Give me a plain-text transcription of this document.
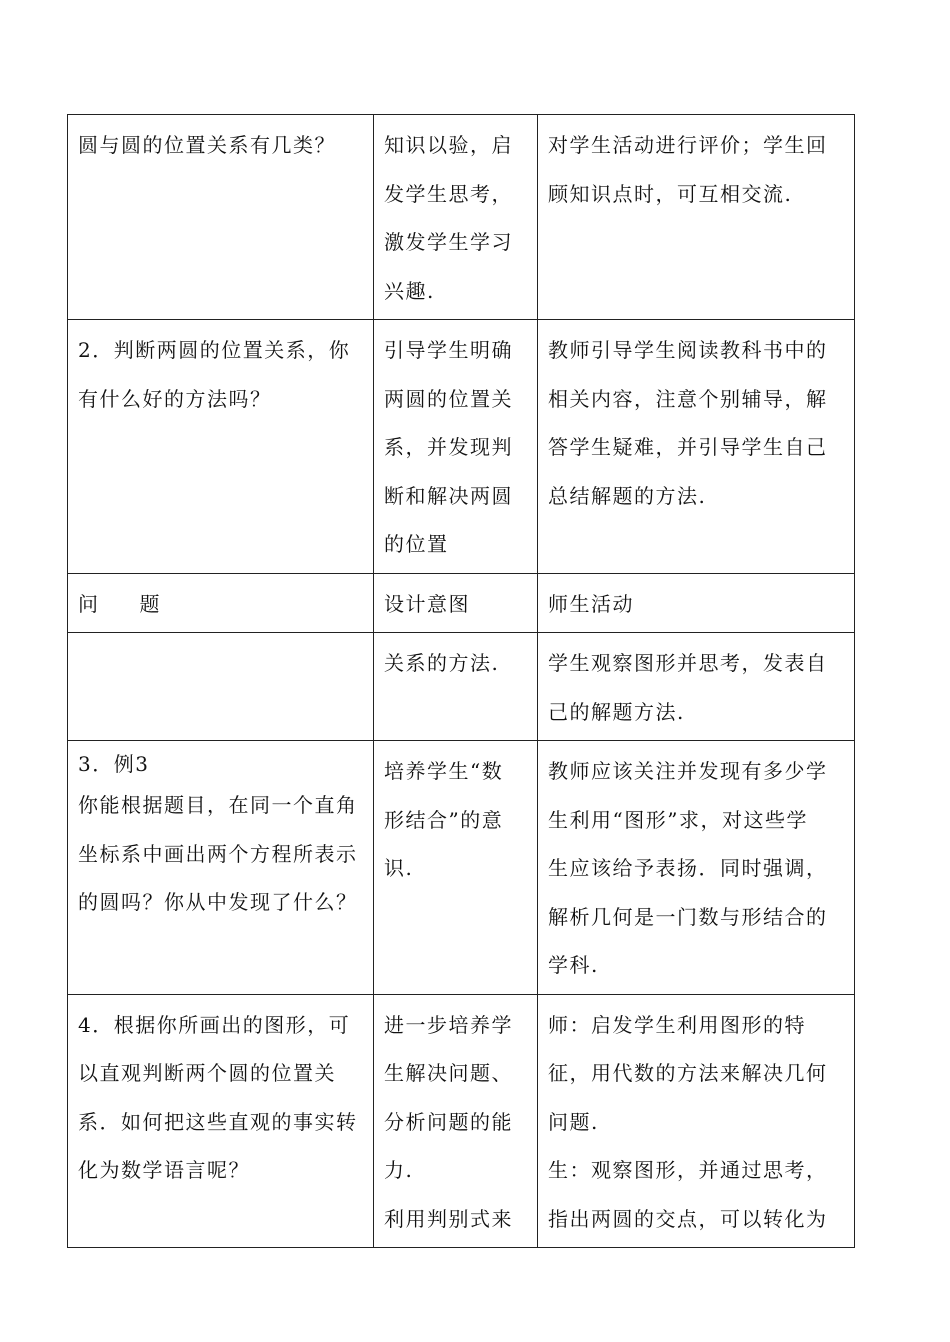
圆与圆的位置关系有几类？	知识以验，启
发学生思考，
激发学生学习
兴趣.	对学生活动进行评价；学生回
顾知识点时，可互相交流.

2．判断两圆的位置关系，你
有什么好的方法吗？	引导学生明确
两圆的位置关
系，并发现判
断和解决两圆
的位置	教师引导学生阅读教科书中的
相关内容，注意个别辅导，解
答学生疑难，并引导学生自己
总结解题的方法.

问 题	设计意图	师生活动

	关系的方法.	学生观察图形并思考，发表自
己的解题方法.

3．例3
你能根据题目，在同一个直角
坐标系中画出两个方程所表示
的圆吗？你从中发现了什么？	培养学生“数
形结合”的意
识.	教师应该关注并发现有多少学
生利用“图形”求，对这些学
生应该给予表扬．同时强调，
解析几何是一门数与形结合的
学科.

4．根据你所画出的图形，可
以直观判断两个圆的位置关
系．如何把这些直观的事实转
化为数学语言呢？	进一步培养学
生解决问题、
分析问题的能
力.
利用判别式来	师：启发学生利用图形的特
征，用代数的方法来解决几何
问题.
生：观察图形，并通过思考，
指出两圆的交点，可以转化为
